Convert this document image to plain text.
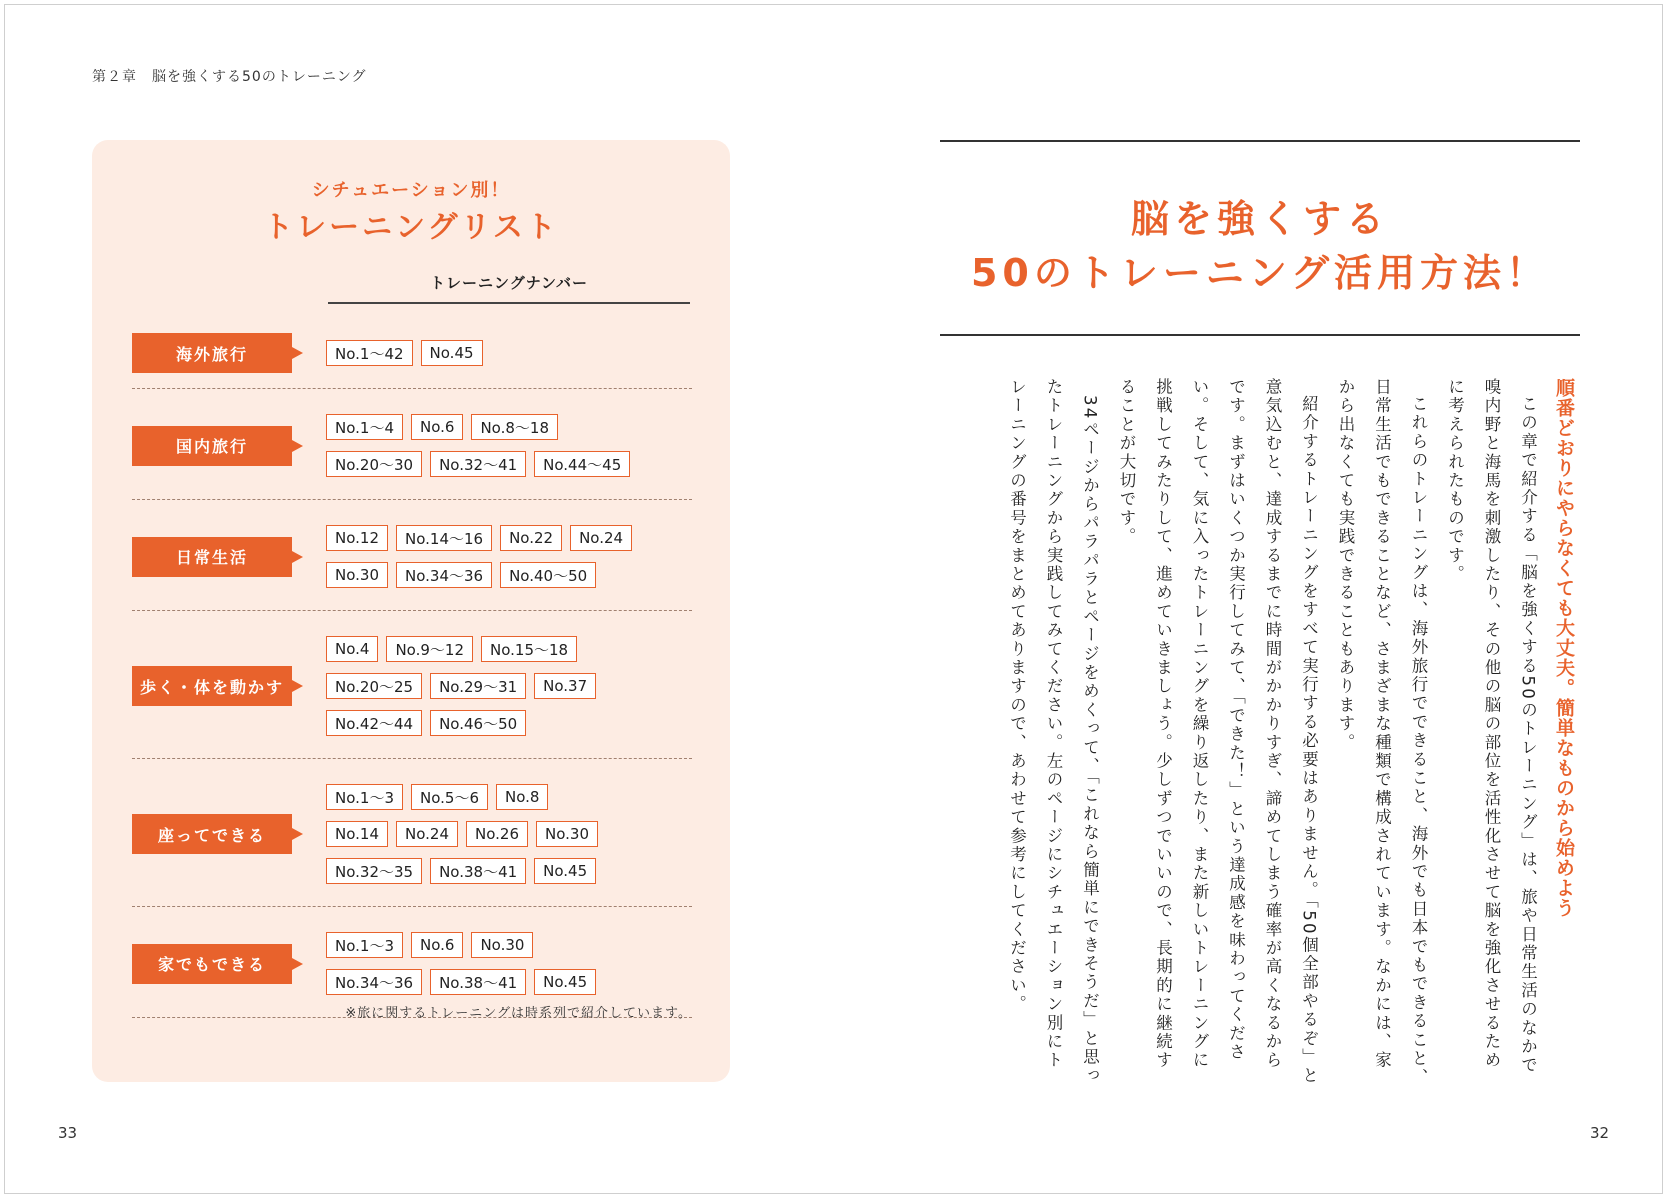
第２章　脳を強くする50のトレーニング
シチュエーション別！
トレーニングリスト
トレーニングナンバー
海外旅行	No.1〜42	No.45
国内旅行
No.1〜4	No.6	No.8〜18
No.20〜30	No.32〜41	No.44〜45
日常生活
No.12	No.14〜16	No.22	No.24
No.30	No.34〜36	No.40〜50
歩く・体を動かす
No.4	No.9〜12	No.15〜18
No.20〜25	No.29〜31	No.37
No.42〜44	No.46〜50
座ってできる
No.1〜3	No.5〜6	No.8
No.14	No.24	No.26	No.30
No.32〜35	No.38〜41	No.45
家でもできる
No.1〜3	No.6	No.30
No.34〜36	No.38〜41	No.45
※旅に関するトレーニングは時系列で紹介しています。
脳を強くする
50のトレーニング活用方法！
順番どおりにやらなくても大丈夫。簡単なものから始めよう

この章で紹介する「脳を強くする50のトレーニング」は、旅や日常生活のなかで嗅内野と海馬を刺激したり、その他の脳の部位を活性化させて脳を強化させるために考えられたものです。

これらのトレーニングは、海外旅行でできること、海外でも日本でもできること、日常生活でもできることなど、さまざまな種類で構成されています。なかには、家から出なくても実践できることもあります。

紹介するトレーニングをすべて実行する必要はありません。「50個全部やるぞ」と意気込むと、達成するまでに時間がかかりすぎ、諦めてしまう確率が高くなるからです。まずはいくつか実行してみて、「できた！」という達成感を味わってください。そして、気に入ったトレーニングを繰り返したり、また新しいトレーニングに挑戦してみたりして、進めていきましょう。少しずつでいいので、長期的に継続することが大切です。

34ページからパラパラとページをめくって、「これなら簡単にできそうだ」と思ったトレーニングから実践してみてください。左のページにシチュエーション別にトレーニングの番号をまとめてありますので、あわせて参考にしてください。

33	32
